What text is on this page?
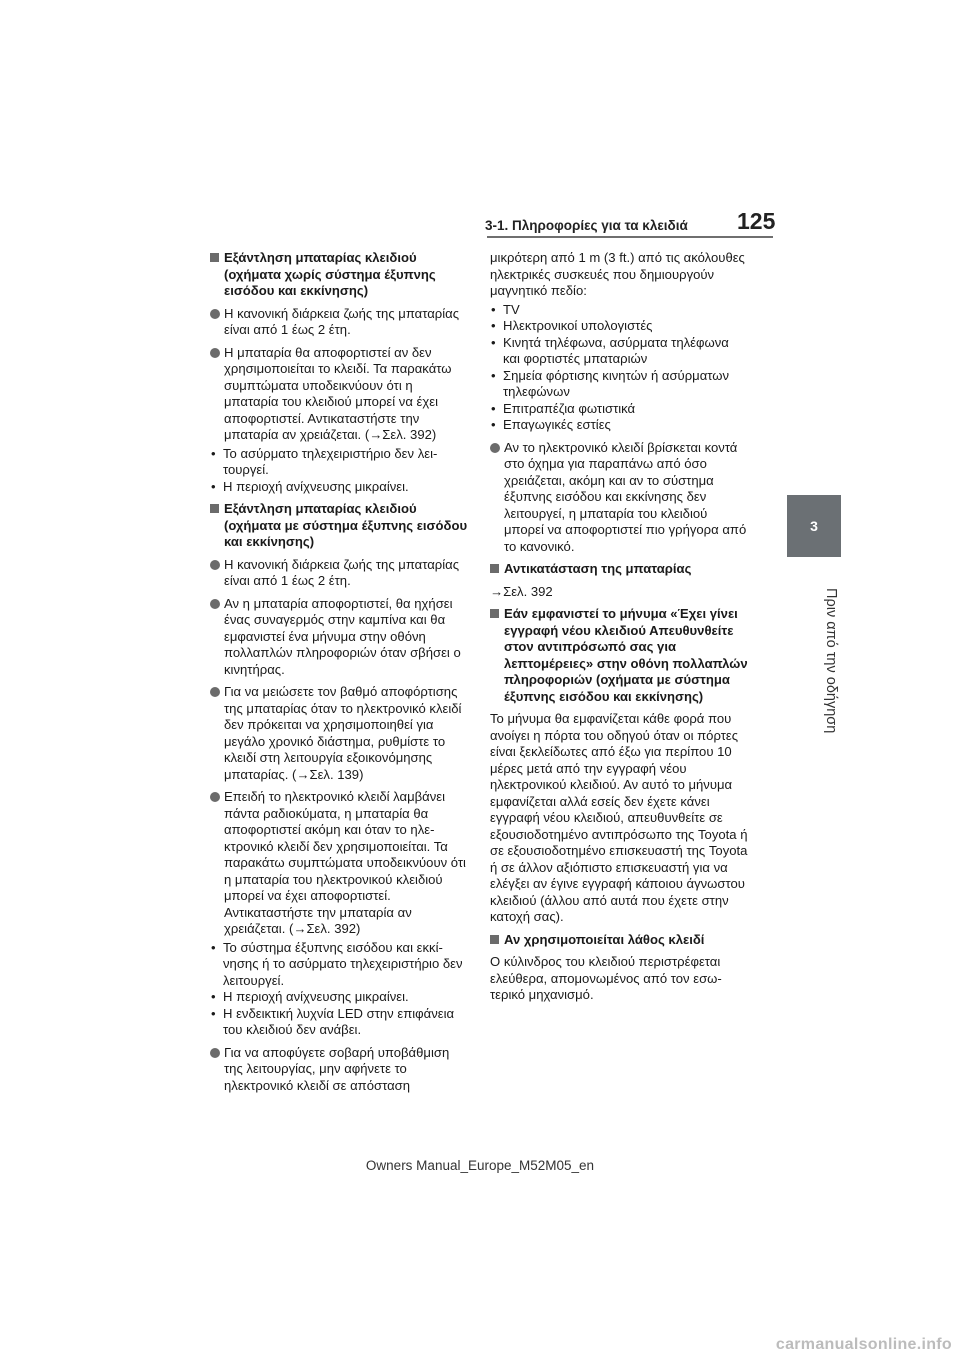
3-1. Πληροφορίες για τα κλειδιά 125
3
Πριν από την οδήγηση
Εξάντληση μπαταρίας κλειδιού (οχήματα χωρίς σύστημα έξυπνης εισόδου και εκκίνησης)
Η κανονική διάρκεια ζωής της μπαταρίας είναι από 1 έως 2 έτη.
Η μπαταρία θα αποφορτιστεί αν δεν χρησιμοποιείται το κλειδί. Τα παρακάτω συμπτώματα υποδεικνύουν ότι η μπαταρία του κλειδιού μπορεί να έχει αποφορτιστεί. Αντικαταστήστε την μπαταρία αν χρειάζεται. (→Σελ. 392)
• Το ασύρματο τηλεχειριστήριο δεν λειτουργεί.
• Η περιοχή ανίχνευσης μικραίνει.
Εξάντληση μπαταρίας κλειδιού (οχήματα με σύστημα έξυπνης εισόδου και εκκίνησης)
Η κανονική διάρκεια ζωής της μπαταρίας είναι από 1 έως 2 έτη.
Αν η μπαταρία αποφορτιστεί, θα ηχήσει ένας συναγερμός στην καμπίνα και θα εμφανιστεί ένα μήνυμα στην οθόνη πολλαπλών πληροφοριών όταν σβήσει ο κινητήρας.
Για να μειώσετε τον βαθμό αποφόρτισης της μπαταρίας όταν το ηλεκτρονικό κλειδί δεν πρόκειται να χρησιμοποιηθεί για μεγάλο χρονικό διάστημα, ρυθμίστε το κλειδί στη λειτουργία εξοικονόμησης μπαταρίας. (→Σελ. 139)
Επειδή το ηλεκτρονικό κλειδί λαμβάνει πάντα ραδιοκύματα, η μπαταρία θα αποφορτιστεί ακόμη και όταν το ηλεκτρονικό κλειδί δεν χρησιμοποιείται. Τα παρακάτω συμπτώματα υποδεικνύουν ότι η μπαταρία του ηλεκτρονικού κλειδιού μπορεί να έχει αποφορτιστεί. Αντικαταστήστε την μπαταρία αν χρειάζεται. (→Σελ. 392)
• Το σύστημα έξυπνης εισόδου και εκκίνησης ή το ασύρματο τηλεχειριστήριο δεν λειτουργεί.
• Η περιοχή ανίχνευσης μικραίνει.
• Η ενδεικτική λυχνία LED στην επιφάνεια του κλειδιού δεν ανάβει.
Για να αποφύγετε σοβαρή υποβάθμιση της λειτουργίας, μην αφήνετε το ηλεκτρονικό κλειδί σε απόσταση
μικρότερη από 1 m (3 ft.) από τις ακόλουθες ηλεκτρικές συσκευές που δημιουργούν μαγνητικό πεδίο:
• TV
• Ηλεκτρονικοί υπολογιστές
• Κινητά τηλέφωνα, ασύρματα τηλέφωνα και φορτιστές μπαταριών
• Σημεία φόρτισης κινητών ή ασύρματων τηλεφώνων
• Επιτραπέζια φωτιστικά
• Επαγωγικές εστίες
Αν το ηλεκτρονικό κλειδί βρίσκεται κοντά στο όχημα για παραπάνω από όσο χρειάζεται, ακόμη και αν το σύστημα έξυπνης εισόδου και εκκίνησης δεν λειτουργεί, η μπαταρία του κλειδιού μπορεί να αποφορτιστεί πιο γρήγορα από το κανονικό.
Αντικατάσταση της μπαταρίας
→Σελ. 392
Εάν εμφανιστεί το μήνυμα «Έχει γίνει εγγραφή νέου κλειδιού Απευθυνθείτε στον αντιπρόσωπό σας για λεπτομέρειες» στην οθόνη πολλαπλών πληροφοριών (οχήματα με σύστημα έξυπνης εισόδου και εκκίνησης)
Το μήνυμα θα εμφανίζεται κάθε φορά που ανοίγει η πόρτα του οδηγού όταν οι πόρτες είναι ξεκλείδωτες από έξω για περίπου 10 μέρες μετά από την εγγραφή νέου ηλεκτρονικού κλειδιού. Αν αυτό το μήνυμα εμφανίζεται αλλά εσείς δεν έχετε κάνει εγγραφή νέου κλειδιού, απευθυνθείτε σε εξουσιοδοτημένο αντιπρόσωπο της Toyota ή σε εξουσιοδοτημένο επισκευαστή της Toyota ή σε άλλον αξιόπιστο επισκευαστή για να ελέγξει αν έγινε εγγραφή κάποιου άγνωστου κλειδιού (άλλου από αυτά που έχετε στην κατοχή σας).
Αν χρησιμοποιείται λάθος κλειδί
Ο κύλινδρος του κλειδιού περιστρέφεται ελεύθερα, απομονωμένος από τον εσωτερικό μηχανισμό.
Owners Manual_Europe_M52M05_en
carmanualsonline.info
